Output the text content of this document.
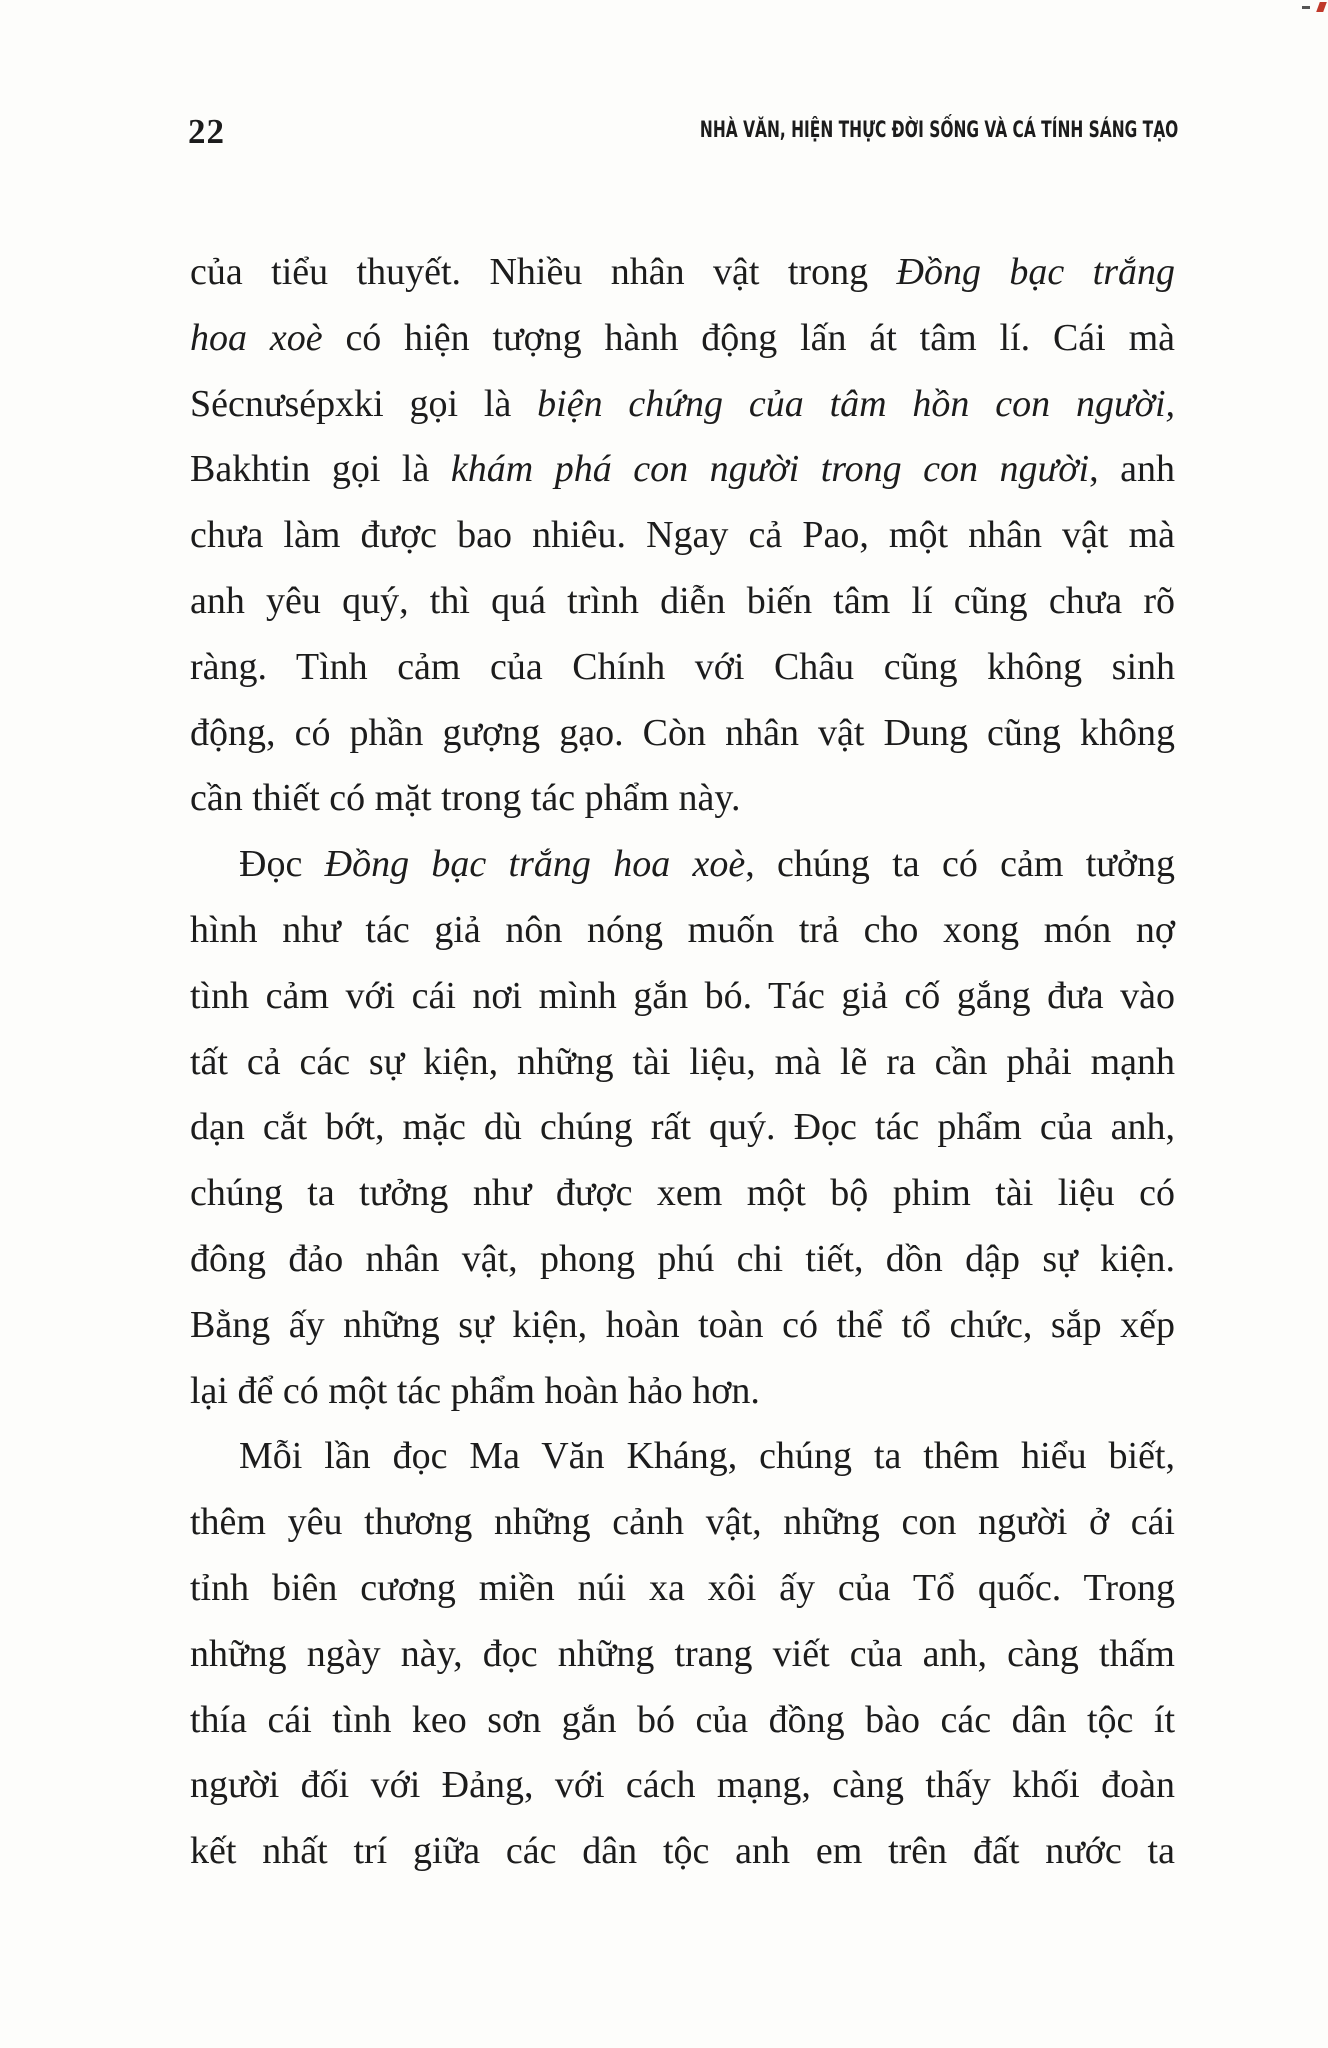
22	NHÀ VĂN, HIỆN THỰC ĐỜI SỐNG VÀ CÁ TÍNH SÁNG TẠO
của tiểu thuyết. Nhiều nhân vật trong Đồng bạc trắng
hoa xoè có hiện tượng hành động lấn át tâm lí. Cái mà
Sécnưsépxki gọi là biện chứng của tâm hồn con người,
Bakhtin gọi là khám phá con người trong con người, anh
chưa làm được bao nhiêu. Ngay cả Pao, một nhân vật mà
anh yêu quý, thì quá trình diễn biến tâm lí cũng chưa rõ
ràng. Tình cảm của Chính với Châu cũng không sinh
động, có phần gượng gạo. Còn nhân vật Dung cũng không
cần thiết có mặt trong tác phẩm này.
Đọc Đồng bạc trắng hoa xoè, chúng ta có cảm tưởng
hình như tác giả nôn nóng muốn trả cho xong món nợ
tình cảm với cái nơi mình gắn bó. Tác giả cố gắng đưa vào
tất cả các sự kiện, những tài liệu, mà lẽ ra cần phải mạnh
dạn cắt bớt, mặc dù chúng rất quý. Đọc tác phẩm của anh,
chúng ta tưởng như được xem một bộ phim tài liệu có
đông đảo nhân vật, phong phú chi tiết, dồn dập sự kiện.
Bằng ấy những sự kiện, hoàn toàn có thể tổ chức, sắp xếp
lại để có một tác phẩm hoàn hảo hơn.
Mỗi lần đọc Ma Văn Kháng, chúng ta thêm hiểu biết,
thêm yêu thương những cảnh vật, những con người ở cái
tỉnh biên cương miền núi xa xôi ấy của Tổ quốc. Trong
những ngày này, đọc những trang viết của anh, càng thấm
thía cái tình keo sơn gắn bó của đồng bào các dân tộc ít
người đối với Đảng, với cách mạng, càng thấy khối đoàn
kết nhất trí giữa các dân tộc anh em trên đất nước ta
